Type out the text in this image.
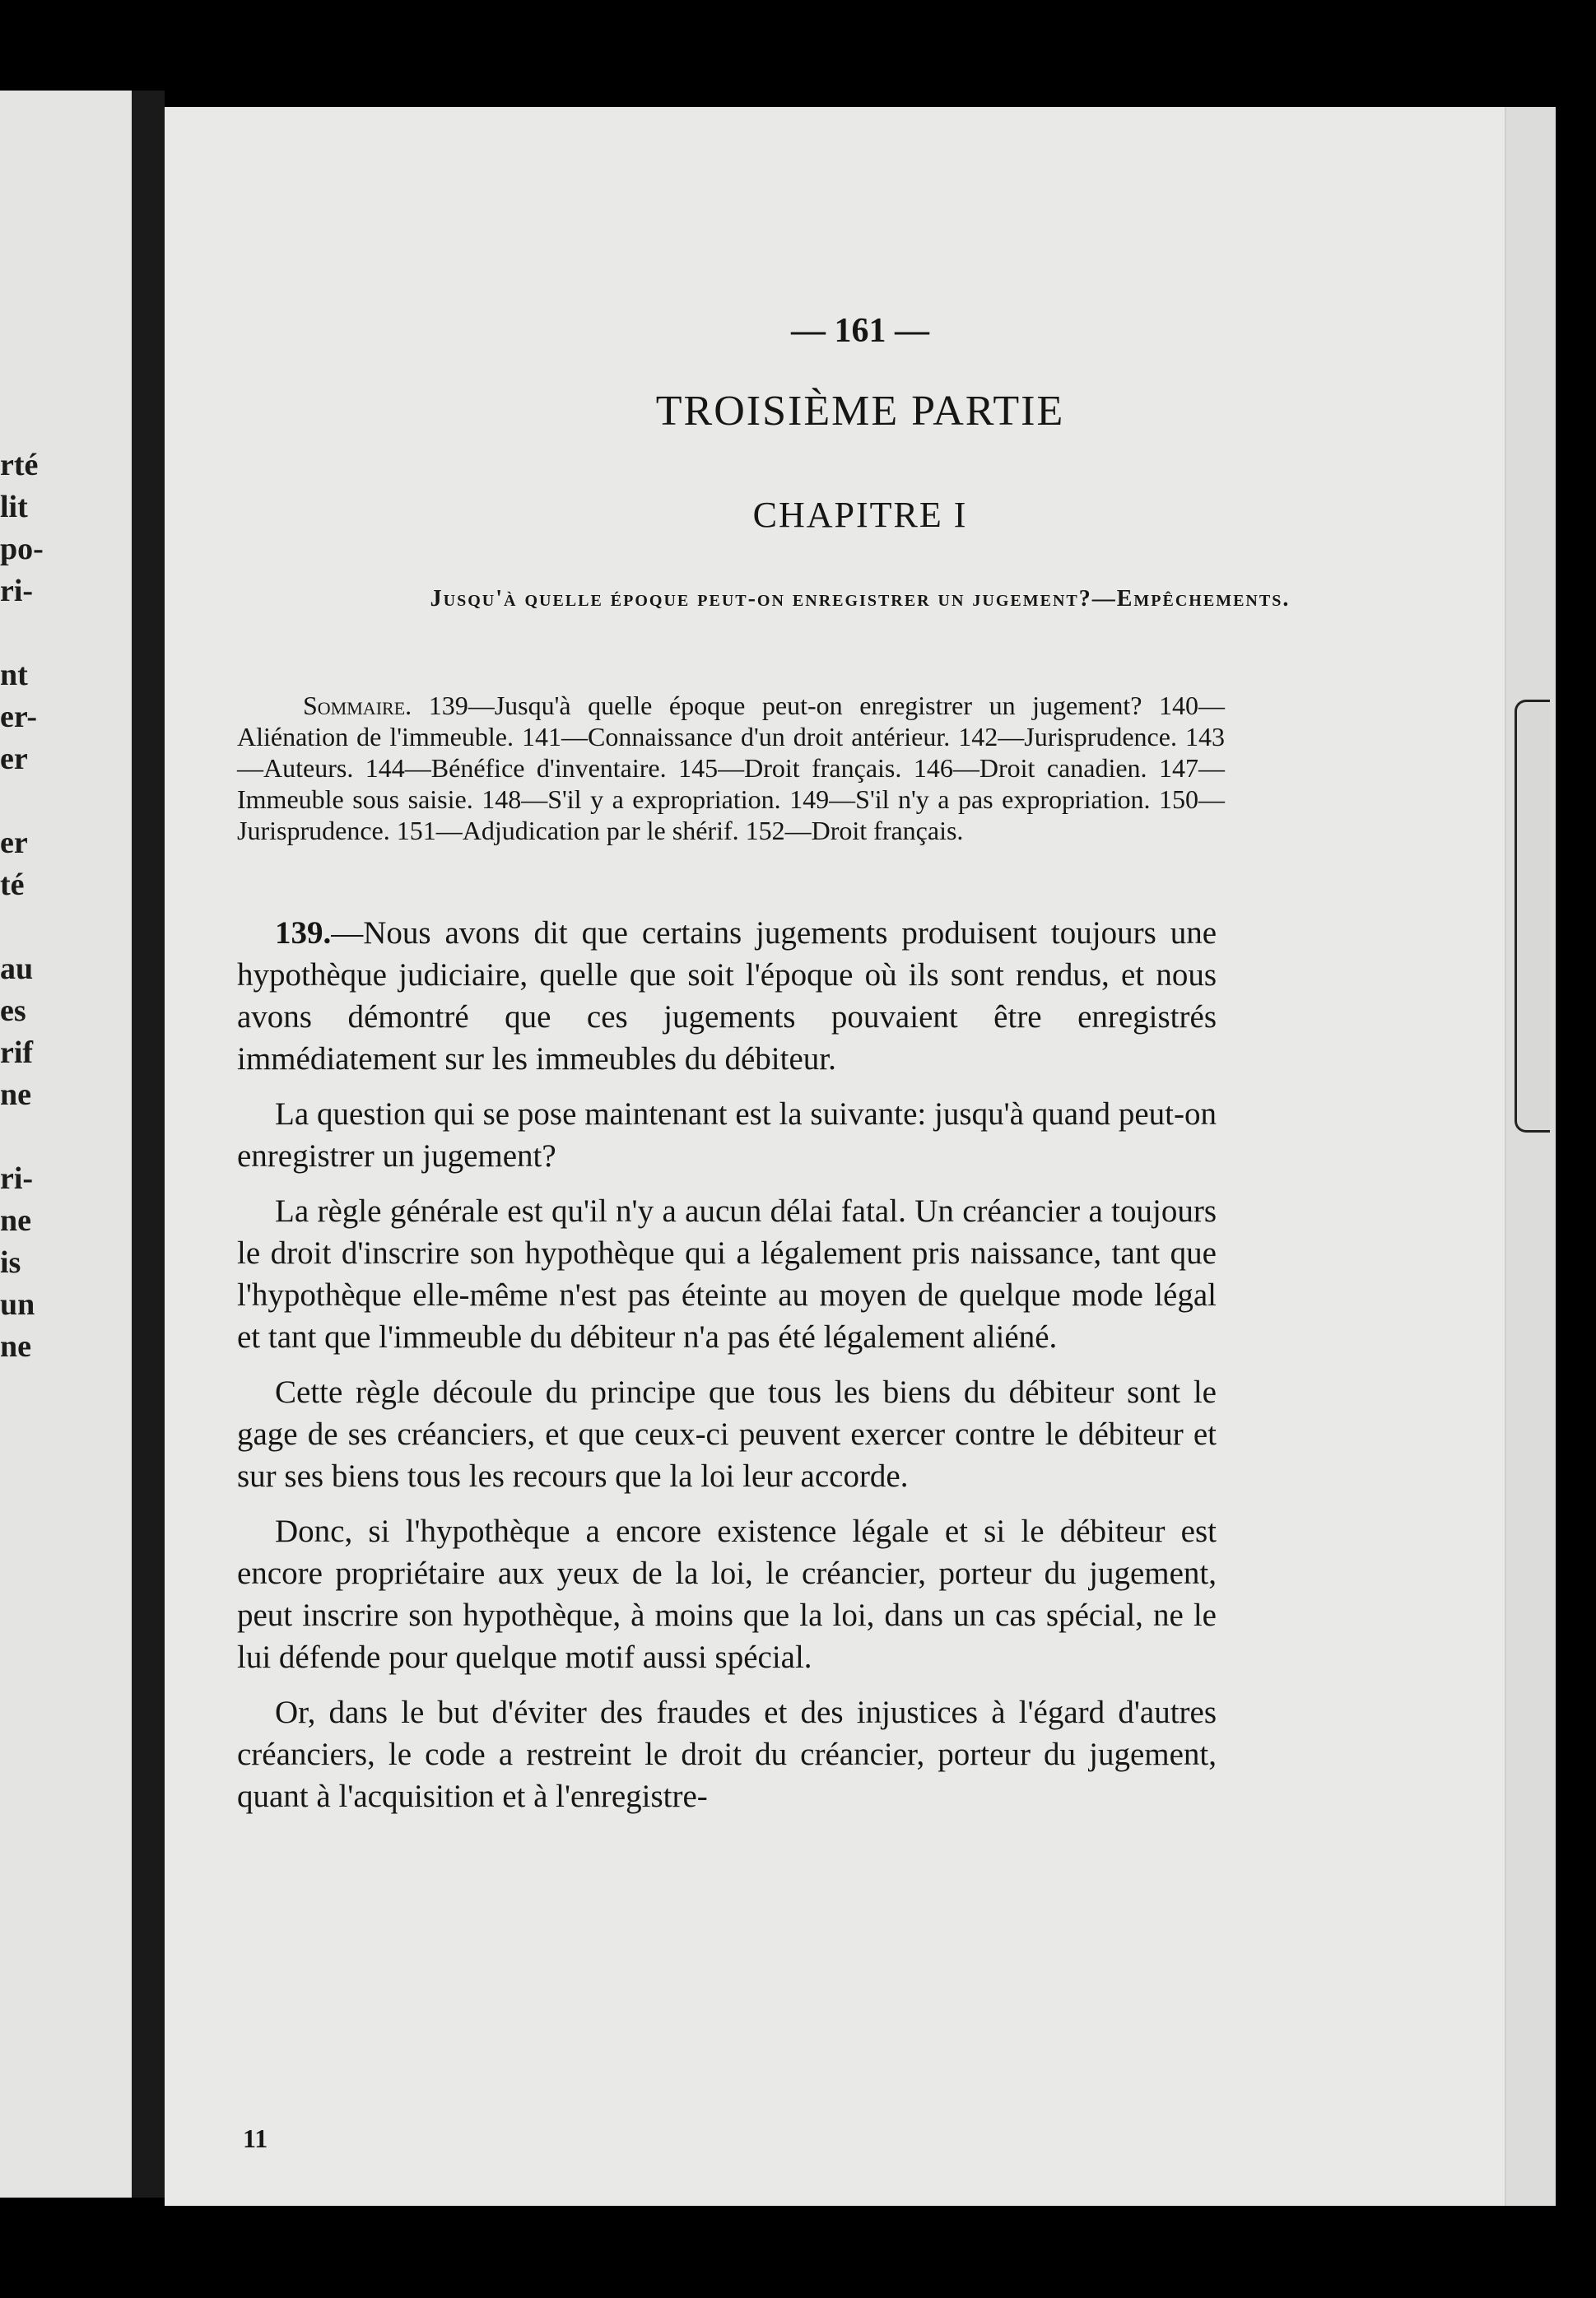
rté
lit
po-
ri-
nt
er-
er
er
té
au
es
rif
ne
ri-
ne
is
un
ne
— 161 —
TROISIÈME PARTIE
CHAPITRE I
Jusqu'à quelle époque peut-on enregistrer un jugement?—Empêchements.
Sommaire. 139—Jusqu'à quelle époque peut-on enregistrer un jugement? 140—Aliénation de l'immeuble. 141—Connaissance d'un droit antérieur. 142—Jurisprudence. 143—Auteurs. 144—Bénéfice d'inventaire. 145—Droit français. 146—Droit canadien. 147—Immeuble sous saisie. 148—S'il y a expropriation. 149—S'il n'y a pas expropriation. 150—Jurisprudence. 151—Adjudication par le shérif. 152—Droit français.

139.—Nous avons dit que certains jugements produisent toujours une hypothèque judiciaire, quelle que soit l'époque où ils sont rendus, et nous avons démontré que ces jugements pouvaient être enregistrés immédiatement sur les immeubles du débiteur.

La question qui se pose maintenant est la suivante: jusqu'à quand peut-on enregistrer un jugement?

La règle générale est qu'il n'y a aucun délai fatal. Un créancier a toujours le droit d'inscrire son hypothèque qui a légalement pris naissance, tant que l'hypothèque elle-même n'est pas éteinte au moyen de quelque mode légal et tant que l'immeuble du débiteur n'a pas été légalement aliéné.

Cette règle découle du principe que tous les biens du débiteur sont le gage de ses créanciers, et que ceux-ci peuvent exercer contre le débiteur et sur ses biens tous les recours que la loi leur accorde.

Donc, si l'hypothèque a encore existence légale et si le débiteur est encore propriétaire aux yeux de la loi, le créancier, porteur du jugement, peut inscrire son hypothèque, à moins que la loi, dans un cas spécial, ne le lui défende pour quelque motif aussi spécial.

Or, dans le but d'éviter des fraudes et des injustices à l'égard d'autres créanciers, le code a restreint le droit du créancier, porteur du jugement, quant à l'acquisition et à l'enregistre-

11
